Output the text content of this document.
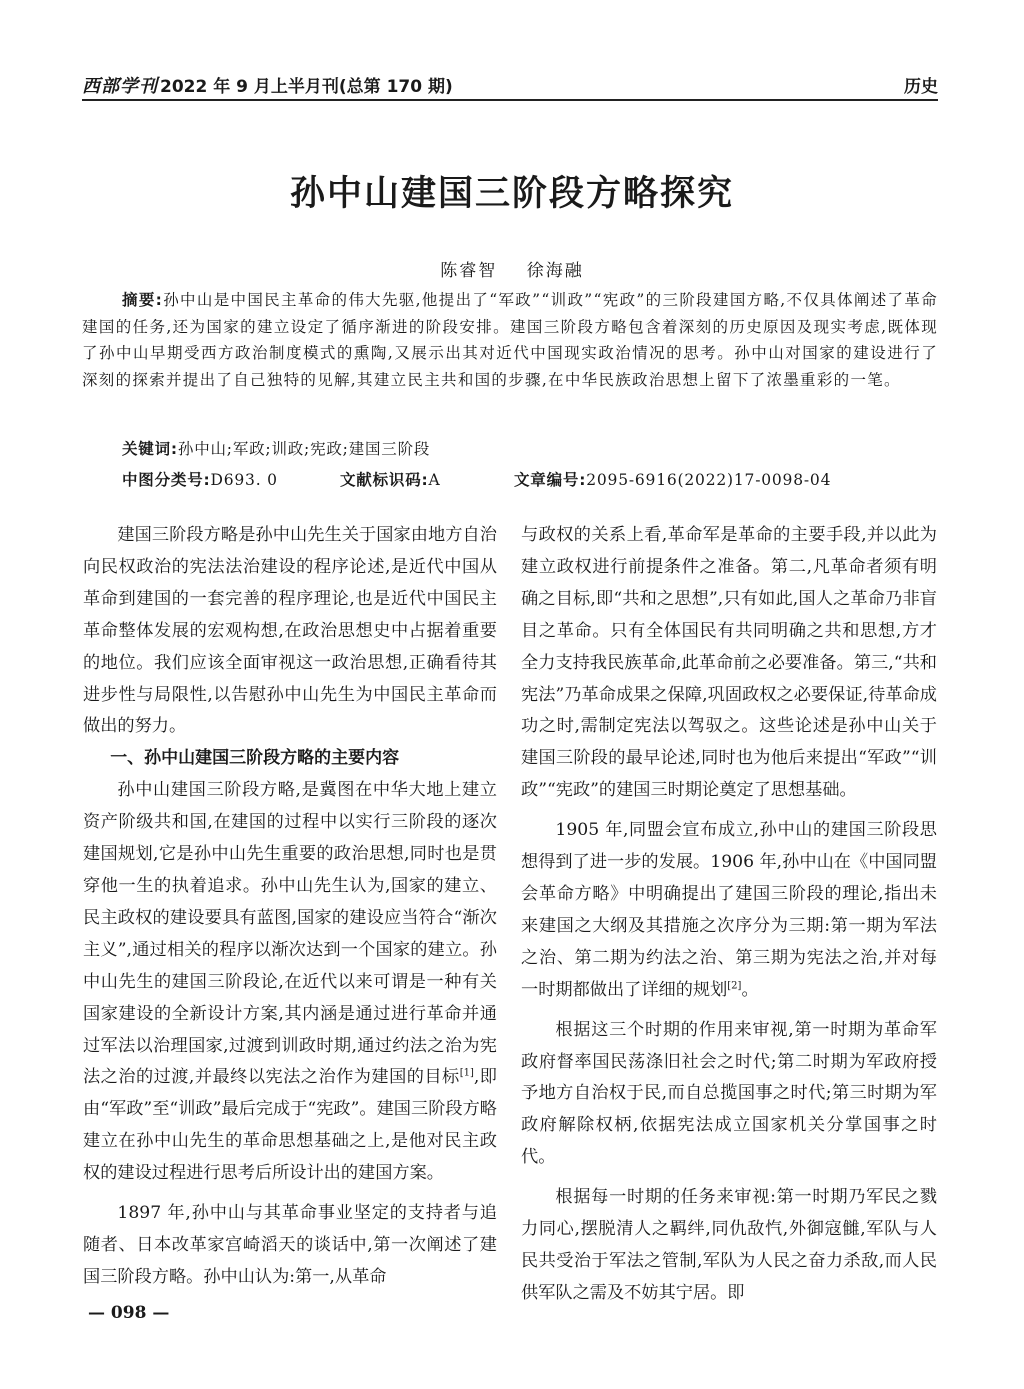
西部学刊 2022 年 9 月上半月刊(总第 170 期)	历史
孙中山建国三阶段方略探究
陈睿智 徐海融

摘要:孙中山是中国民主革命的伟大先驱,他提出了“军政”“训政”“宪政”的三阶段建国方略,不仅具体阐述了革命建国的任务,还为国家的建立设定了循序渐进的阶段安排。建国三阶段方略包含着深刻的历史原因及现实考虑,既体现了孙中山早期受西方政治制度模式的熏陶,又展示出其对近代中国现实政治情况的思考。孙中山对国家的建设进行了深刻的探索并提出了自己独特的见解,其建立民主共和国的步骤,在中华民族政治思想上留下了浓墨重彩的一笔。

关键词:孙中山;军政;训政;宪政;建国三阶段
中图分类号:D693. 0	文献标识码:A	文章编号:2095-6916(2022)17-0098-04

建国三阶段方略是孙中山先生关于国家由地方自治向民权政治的宪法法治建设的程序论述,是近代中国从革命到建国的一套完善的程序理论,也是近代中国民主革命整体发展的宏观构想,在政治思想史中占据着重要的地位。我们应该全面审视这一政治思想,正确看待其进步性与局限性,以告慰孙中山先生为中国民主革命而做出的努力。

一、孙中山建国三阶段方略的主要内容

孙中山建国三阶段方略,是冀图在中华大地上建立资产阶级共和国,在建国的过程中以实行三阶段的逐次建国规划,它是孙中山先生重要的政治思想,同时也是贯穿他一生的执着追求。孙中山先生认为,国家的建立、民主政权的建设要具有蓝图,国家的建设应当符合“渐次主义”,通过相关的程序以渐次达到一个国家的建立。孙中山先生的建国三阶段论,在近代以来可谓是一种有关国家建设的全新设计方案,其内涵是通过进行革命并通过军法以治理国家,过渡到训政时期,通过约法之治为宪法之治的过渡,并最终以宪法之治作为建国的目标[1],即由“军政”至“训政”最后完成于“宪政”。建国三阶段方略建立在孙中山先生的革命思想基础之上,是他对民主政权的建设过程进行思考后所设计出的建国方案。

1897 年,孙中山与其革命事业坚定的支持者与追随者、日本改革家宫崎滔天的谈话中,第一次阐述了建国三阶段方略。孙中山认为:第一,从革命

与政权的关系上看,革命军是革命的主要手段,并以此为建立政权进行前提条件之准备。第二,凡革命者须有明确之目标,即“共和之思想”,只有如此,国人之革命乃非盲目之革命。只有全体国民有共同明确之共和思想,方才全力支持我民族革命,此革命前之必要准备。第三,“共和宪法”乃革命成果之保障,巩固政权之必要保证,待革命成功之时,需制定宪法以驾驭之。这些论述是孙中山关于建国三阶段的最早论述,同时也为他后来提出“军政”“训政”“宪政”的建国三时期论奠定了思想基础。

1905 年,同盟会宣布成立,孙中山的建国三阶段思想得到了进一步的发展。1906 年,孙中山在《中国同盟会革命方略》中明确提出了建国三阶段的理论,指出未来建国之大纲及其措施之次序分为三期:第一期为军法之治、第二期为约法之治、第三期为宪法之治,并对每一时期都做出了详细的规划[2]。

根据这三个时期的作用来审视,第一时期为革命军政府督率国民荡涤旧社会之时代;第二时期为军政府授予地方自治权于民,而自总揽国事之时代;第三时期为军政府解除权柄,依据宪法成立国家机关分掌国事之时代。

根据每一时期的任务来审视:第一时期乃军民之戮力同心,摆脱清人之羁绊,同仇敌忾,外御寇雠,军队与人民共受治于军法之管制,军队为人民之奋力杀敌,而人民供军队之需及不妨其宁居。即

— 098 —
